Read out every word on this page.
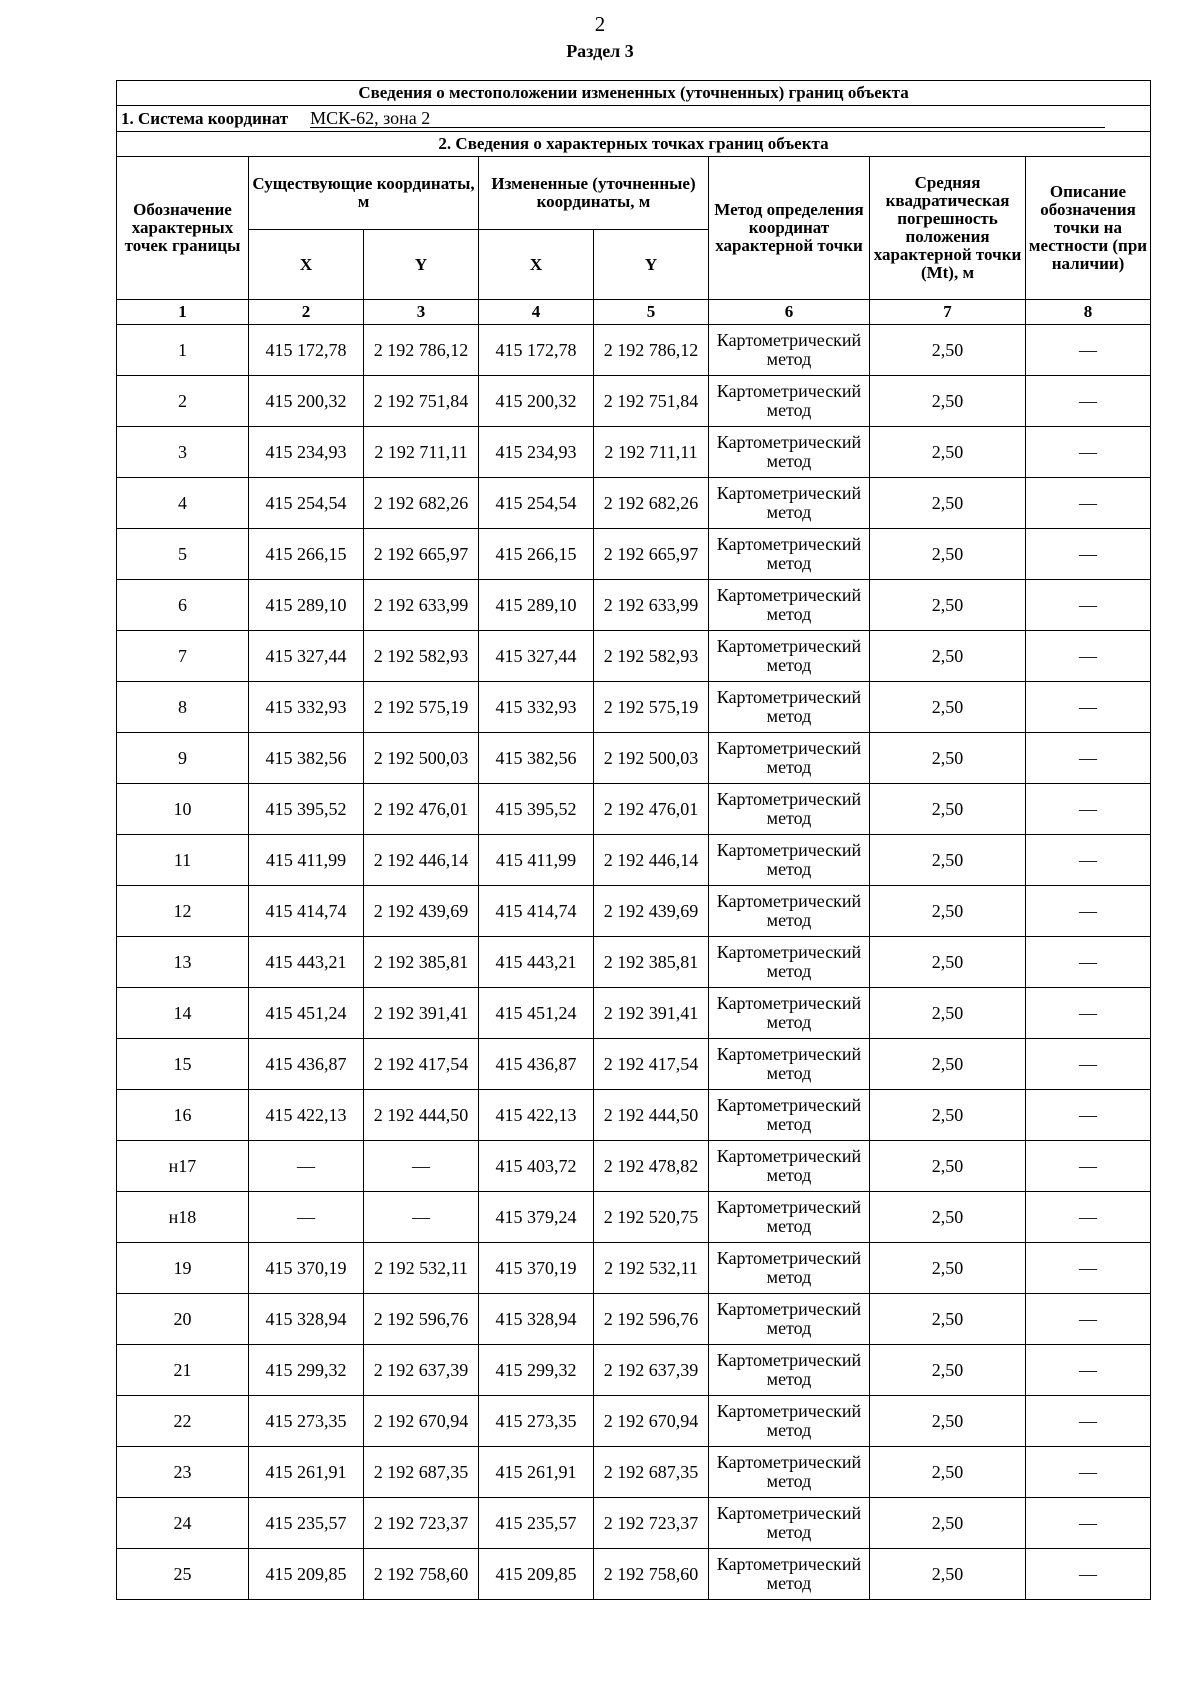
2
Раздел 3
Сведения о местоположении измененных (уточненных) границ объекта							
1. Система координат МСК-62, зона 2							
2. Сведения о характерных точках границ объекта							
Обозначение характерных точек границы	Существующие координаты, м		Измененные (уточненные) координаты, м		Метод определения координат характерной точки	Средняя квадратическая погрешность положения характерной точки (Mt), м	Описание обозначения точки на местности (при наличии)
	X	Y	X	Y			
1	2	3	4	5	6	7	8
1	415 172,78	2 192 786,12	415 172,78	2 192 786,12	Картометрический метод	2,50	—
2	415 200,32	2 192 751,84	415 200,32	2 192 751,84	Картометрический метод	2,50	—
3	415 234,93	2 192 711,11	415 234,93	2 192 711,11	Картометрический метод	2,50	—
4	415 254,54	2 192 682,26	415 254,54	2 192 682,26	Картометрический метод	2,50	—
5	415 266,15	2 192 665,97	415 266,15	2 192 665,97	Картометрический метод	2,50	—
6	415 289,10	2 192 633,99	415 289,10	2 192 633,99	Картометрический метод	2,50	—
7	415 327,44	2 192 582,93	415 327,44	2 192 582,93	Картометрический метод	2,50	—
8	415 332,93	2 192 575,19	415 332,93	2 192 575,19	Картометрический метод	2,50	—
9	415 382,56	2 192 500,03	415 382,56	2 192 500,03	Картометрический метод	2,50	—
10	415 395,52	2 192 476,01	415 395,52	2 192 476,01	Картометрический метод	2,50	—
11	415 411,99	2 192 446,14	415 411,99	2 192 446,14	Картометрический метод	2,50	—
12	415 414,74	2 192 439,69	415 414,74	2 192 439,69	Картометрический метод	2,50	—
13	415 443,21	2 192 385,81	415 443,21	2 192 385,81	Картометрический метод	2,50	—
14	415 451,24	2 192 391,41	415 451,24	2 192 391,41	Картометрический метод	2,50	—
15	415 436,87	2 192 417,54	415 436,87	2 192 417,54	Картометрический метод	2,50	—
16	415 422,13	2 192 444,50	415 422,13	2 192 444,50	Картометрический метод	2,50	—
н17	—	—	415 403,72	2 192 478,82	Картометрический метод	2,50	—
н18	—	—	415 379,24	2 192 520,75	Картометрический метод	2,50	—
19	415 370,19	2 192 532,11	415 370,19	2 192 532,11	Картометрический метод	2,50	—
20	415 328,94	2 192 596,76	415 328,94	2 192 596,76	Картометрический метод	2,50	—
21	415 299,32	2 192 637,39	415 299,32	2 192 637,39	Картометрический метод	2,50	—
22	415 273,35	2 192 670,94	415 273,35	2 192 670,94	Картометрический метод	2,50	—
23	415 261,91	2 192 687,35	415 261,91	2 192 687,35	Картометрический метод	2,50	—
24	415 235,57	2 192 723,37	415 235,57	2 192 723,37	Картометрический метод	2,50	—
25	415 209,85	2 192 758,60	415 209,85	2 192 758,60	Картометрический метод	2,50	—
